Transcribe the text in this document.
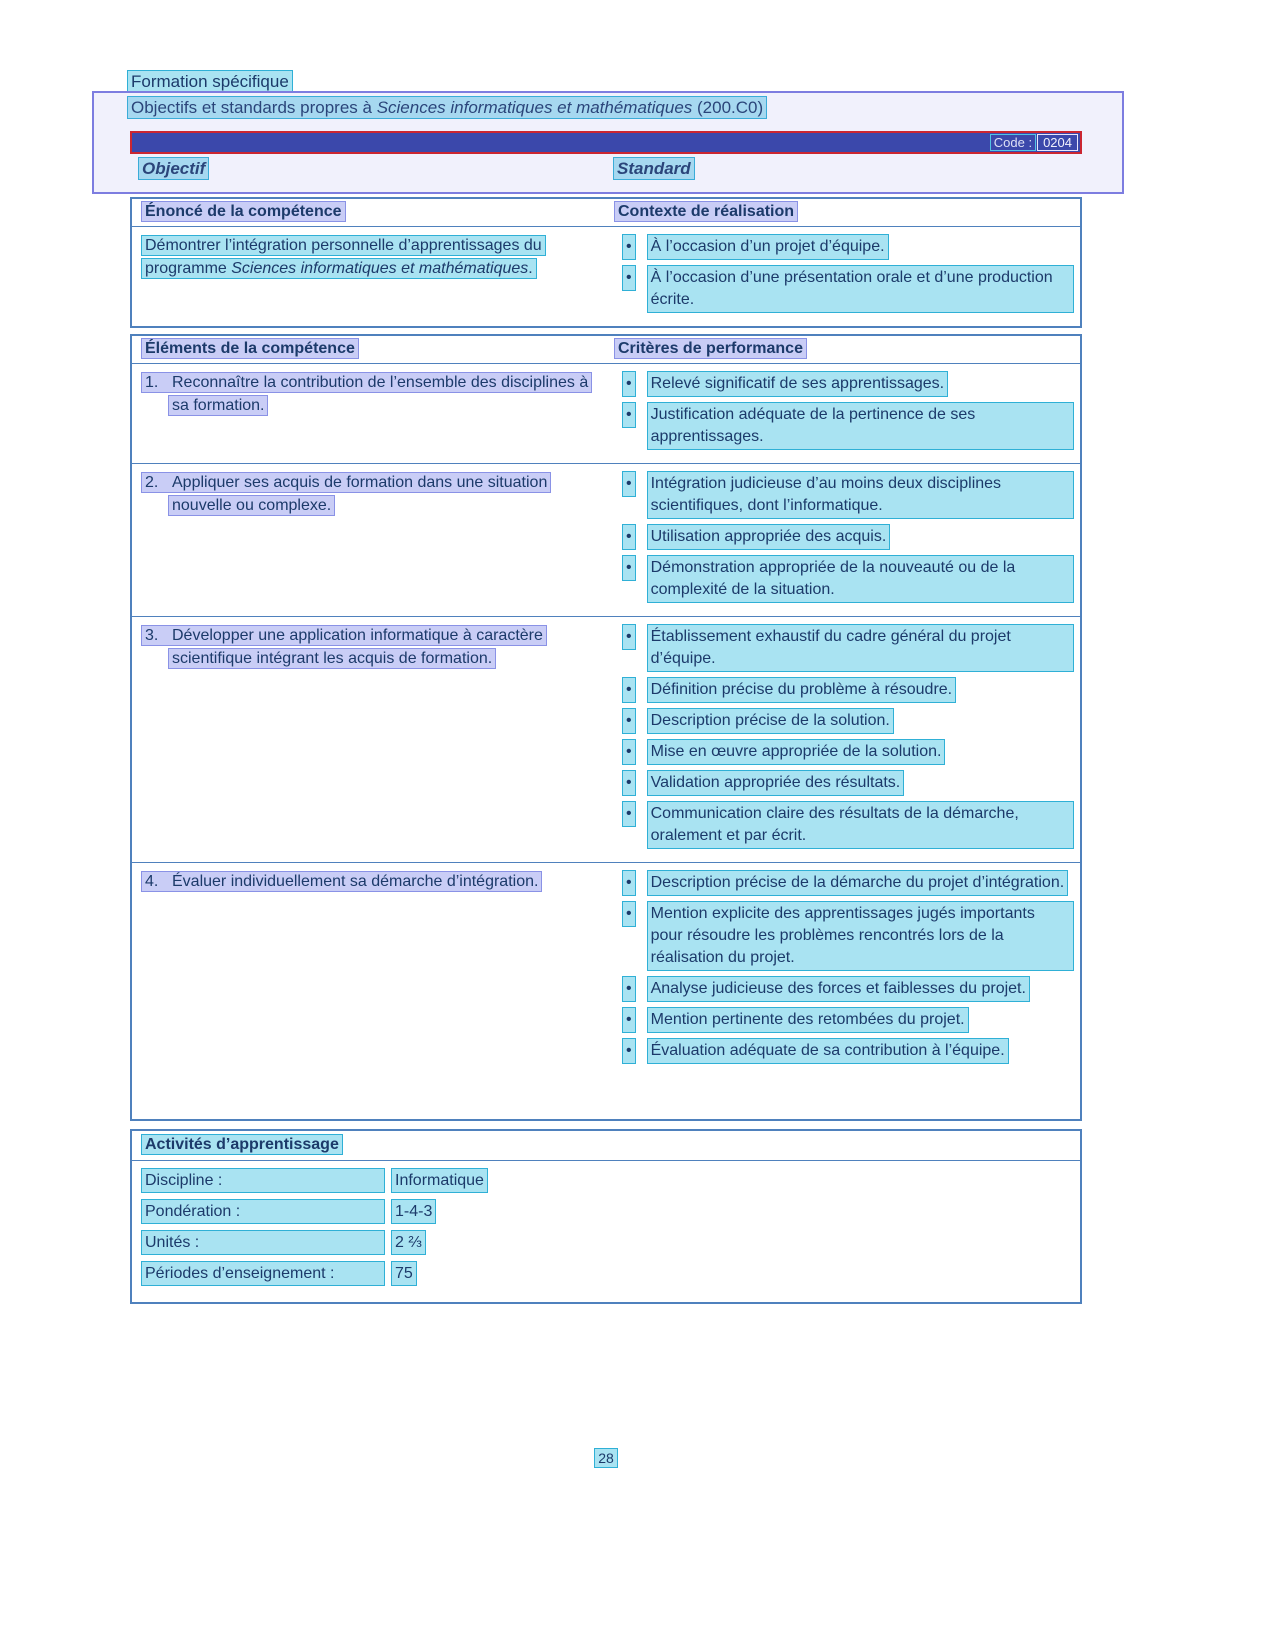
Formation spécifique
Objectifs et standards propres à Sciences informatiques et mathématiques (200.C0)
Code : 0204
Objectif	Standard
Énoncé de la compétence	Contexte de réalisation
Démontrer l’intégration personnelle d’apprentissages du programme Sciences informatiques et mathématiques.
• À l’occasion d’un projet d’équipe.
• À l’occasion d’une présentation orale et d’une production écrite.
Éléments de la compétence	Critères de performance
1. Reconnaître la contribution de l’ensemble des disciplines à sa formation.
• Relevé significatif de ses apprentissages.
• Justification adéquate de la pertinence de ses apprentissages.
2. Appliquer ses acquis de formation dans une situation nouvelle ou complexe.
• Intégration judicieuse d’au moins deux disciplines scientifiques, dont l’informatique.
• Utilisation appropriée des acquis.
• Démonstration appropriée de la nouveauté ou de la complexité de la situation.
3. Développer une application informatique à caractère scientifique intégrant les acquis de formation.
• Établissement exhaustif du cadre général du projet d’équipe.
• Définition précise du problème à résoudre.
• Description précise de la solution.
• Mise en œuvre appropriée de la solution.
• Validation appropriée des résultats.
• Communication claire des résultats de la démarche, oralement et par écrit.
4. Évaluer individuellement sa démarche d’intégration.	• Description précise de la démarche du projet d’intégration.
• Mention explicite des apprentissages jugés importants pour résoudre les problèmes rencontrés lors de la réalisation du projet.
• Analyse judicieuse des forces et faiblesses du projet.
• Mention pertinente des retombées du projet.
• Évaluation adéquate de sa contribution à l’équipe.
Activités d’apprentissage
Discipline :	Informatique
Pondération :	1-4-3
Unités :	2 ⅔
Périodes d’enseignement :	75
28
